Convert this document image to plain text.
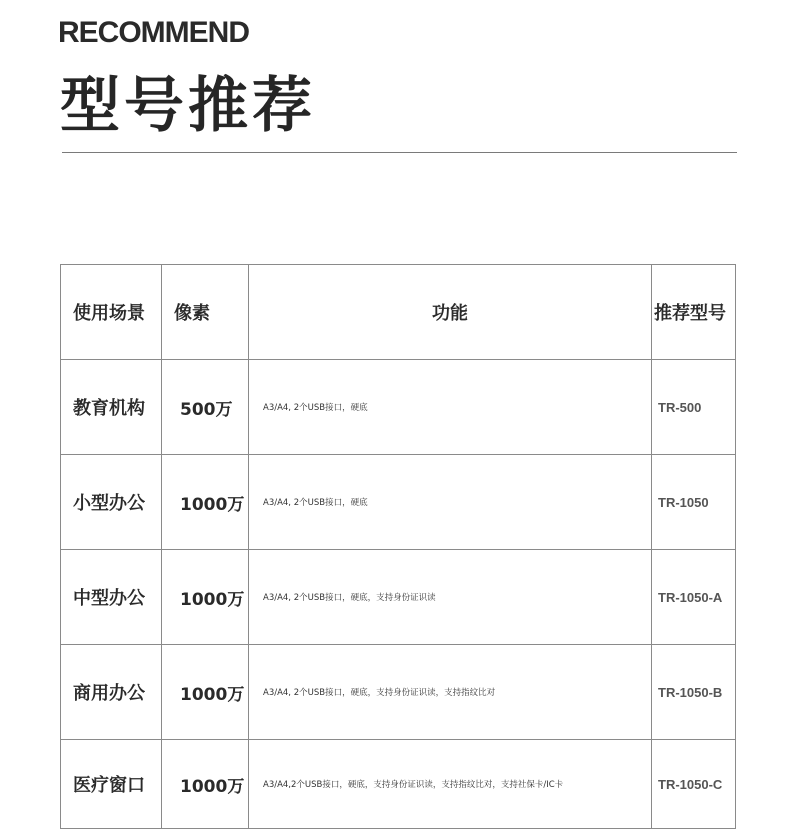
RECOMMEND
型号推荐
使用场景	像素	功能	推荐型号
教育机构	500万	A3/A4, 2个USB接口，硬底	TR-500
小型办公	1000万	A3/A4, 2个USB接口，硬底	TR-1050
中型办公	1000万	A3/A4, 2个USB接口，硬底，支持身份证识读	TR-1050-A
商用办公	1000万	A3/A4, 2个USB接口，硬底，支持身份证识读，支持指纹比对	TR-1050-B
医疗窗口	1000万	A3/A4,2个USB接口，硬底，支持身份证识读，支持指纹比对，支持社保卡/IC卡	TR-1050-C
